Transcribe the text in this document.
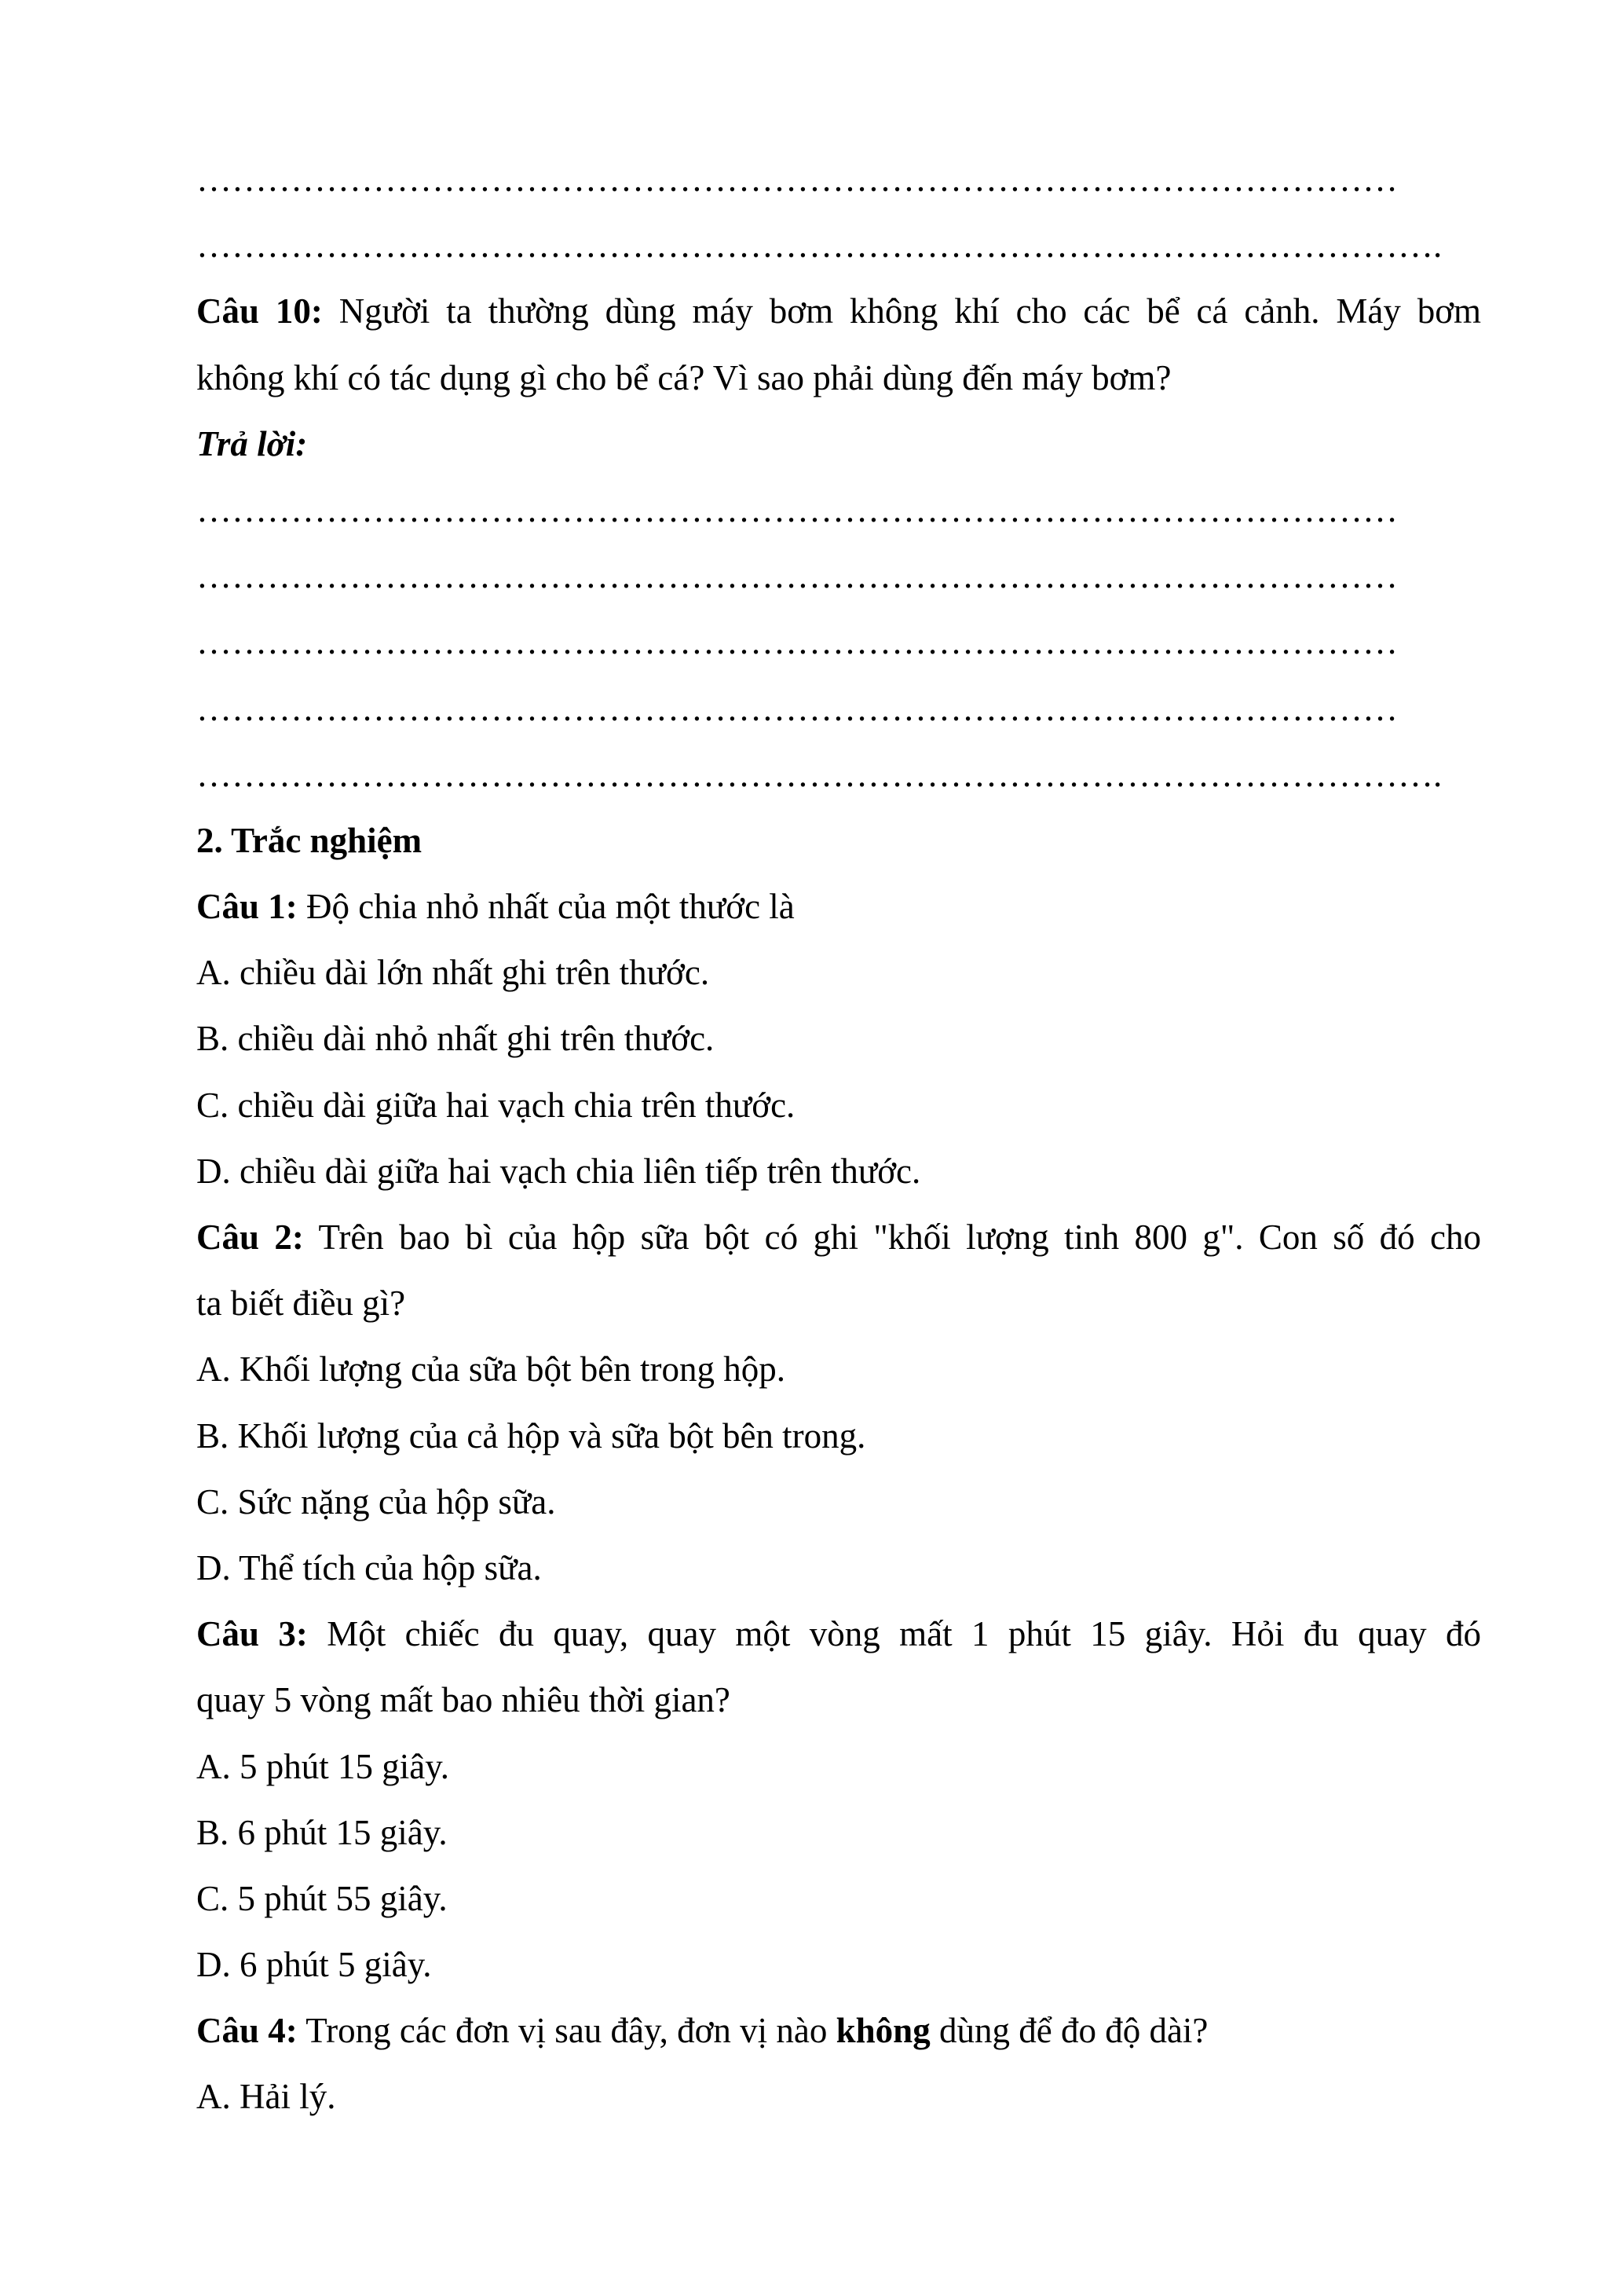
…………………………………………………………………………………………
…………………………………………………………………………………………….
Câu 10: Người ta thường dùng máy bơm không khí cho các bể cá cảnh. Máy bơm
không khí có tác dụng gì cho bể cá? Vì sao phải dùng đến máy bơm?
Trả lời:
…………………………………………………………………………………………
…………………………………………………………………………………………
…………………………………………………………………………………………
…………………………………………………………………………………………
…………………………………………………………………………………………….
2. Trắc nghiệm
Câu 1: Độ chia nhỏ nhất của một thước là
A. chiều dài lớn nhất ghi trên thước.
B. chiều dài nhỏ nhất ghi trên thước.
C. chiều dài giữa hai vạch chia trên thước.
D. chiều dài giữa hai vạch chia liên tiếp trên thước.
Câu 2: Trên bao bì của hộp sữa bột có ghi "khối lượng tinh 800 g". Con số đó cho
ta biết điều gì?
A. Khối lượng của sữa bột bên trong hộp.
B. Khối lượng của cả hộp và sữa bột bên trong.
C. Sức nặng của hộp sữa.
D. Thể tích của hộp sữa.
Câu 3: Một chiếc đu quay, quay một vòng mất 1 phút 15 giây. Hỏi đu quay đó
quay 5 vòng mất bao nhiêu thời gian?
A. 5 phút 15 giây.
B. 6 phút 15 giây.
C. 5 phút 55 giây.
D. 6 phút 5 giây.
Câu 4: Trong các đơn vị sau đây, đơn vị nào không dùng để đo độ dài?
A. Hải lý.
